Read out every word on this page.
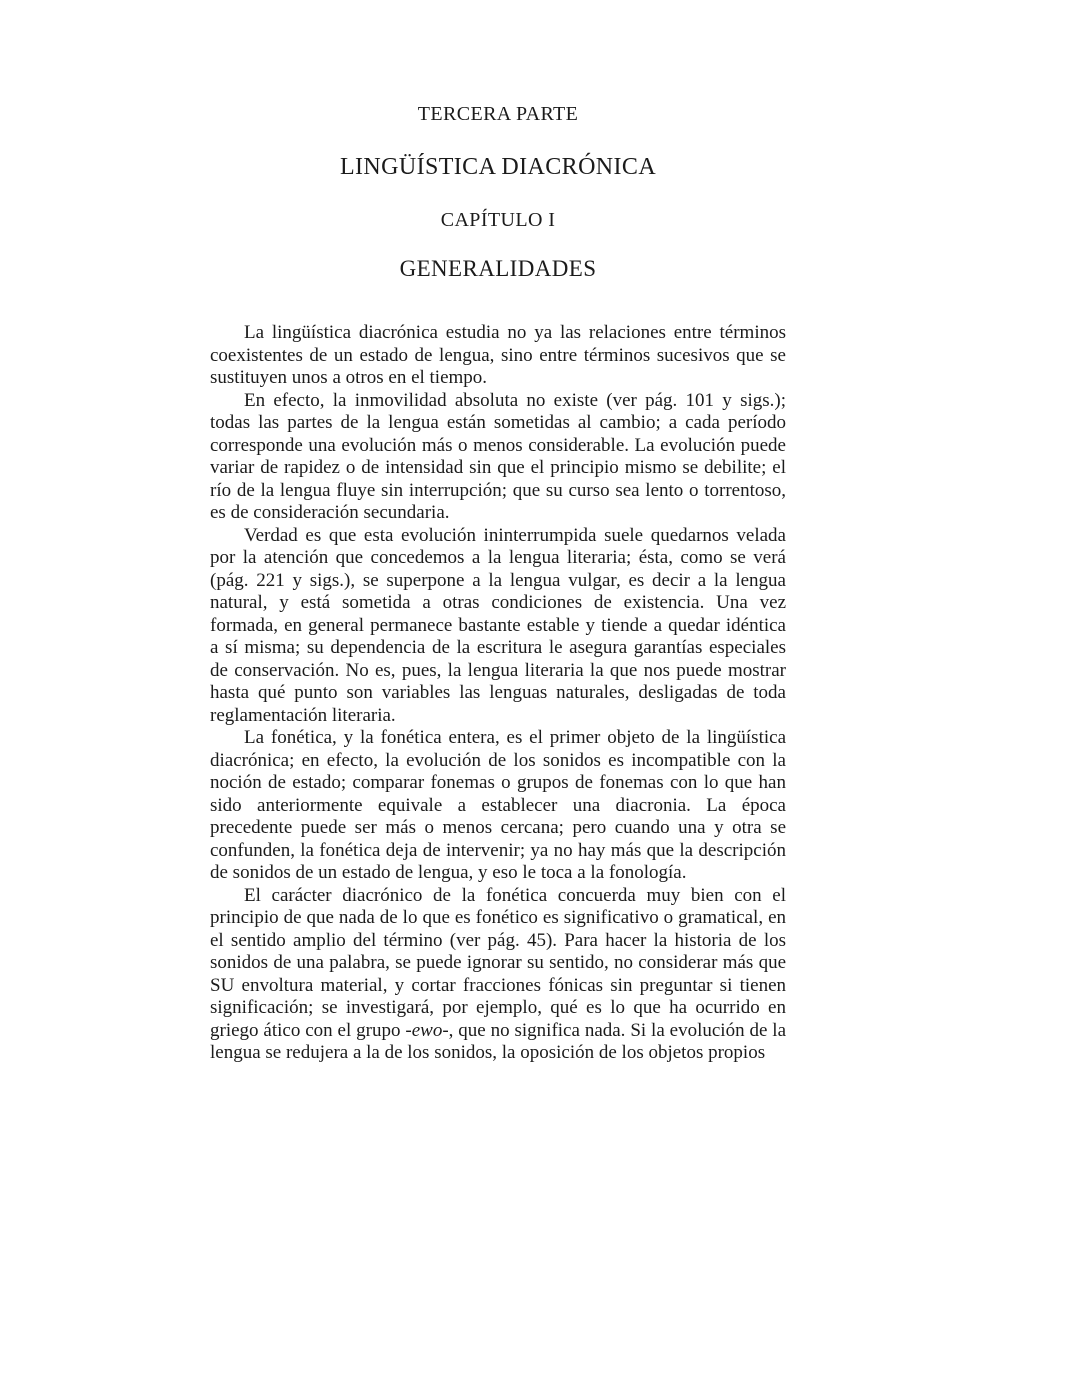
TERCERA PARTE
LINGÜÍSTICA DIACRÓNICA
CAPÍTULO I
GENERALIDADES

La lingüística diacrónica estudia no ya las relaciones entre términos coexistentes de un estado de lengua, sino entre términos sucesivos que se sustituyen unos a otros en el tiempo.

En efecto, la inmovilidad absoluta no existe (ver pág. 101 y sigs.); todas las partes de la lengua están sometidas al cambio; a cada período corresponde una evolución más o menos considerable. La evolución puede variar de rapidez o de intensidad sin que el principio mismo se debilite; el río de la lengua fluye sin interrupción; que su curso sea lento o torrentoso, es de consideración secundaria.

Verdad es que esta evolución ininterrumpida suele quedarnos velada por la atención que concedemos a la lengua literaria; ésta, como se verá (pág. 221 y sigs.), se superpone a la lengua vulgar, es decir a la lengua natural, y está sometida a otras condiciones de existencia. Una vez formada, en general permanece bastante estable y tiende a quedar idéntica a sí misma; su dependencia de la escritura le asegura garantías especiales de conservación. No es, pues, la lengua literaria la que nos puede mostrar hasta qué punto son variables las lenguas naturales, desligadas de toda reglamentación literaria.

La fonética, y la fonética entera, es el primer objeto de la lingüística diacrónica; en efecto, la evolución de los sonidos es incompatible con la noción de estado; comparar fonemas o grupos de fonemas con lo que han sido anteriormente equivale a establecer una diacronia. La época precedente puede ser más o menos cercana; pero cuando una y otra se confunden, la fonética deja de intervenir; ya no hay más que la descripción de sonidos de un estado de lengua, y eso le toca a la fonología.

El carácter diacrónico de la fonética concuerda muy bien con el principio de que nada de lo que es fonético es significativo o gramatical, en el sentido amplio del término (ver pág. 45). Para hacer la historia de los sonidos de una palabra, se puede ignorar su sentido, no considerar más que SU envoltura material, y cortar fracciones fónicas sin preguntar si tienen significación; se investigará, por ejemplo, qué es lo que ha ocurrido en griego ático con el grupo -ewo-, que no significa nada. Si la evolución de la lengua se redujera a la de los sonidos, la oposición de los objetos propios
